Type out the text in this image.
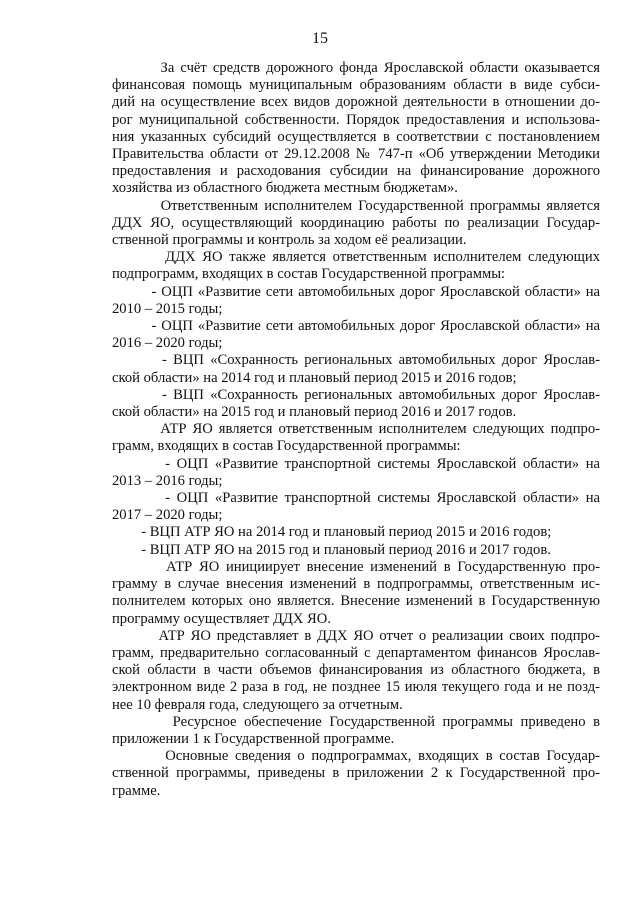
15
За счёт средств дорожного фонда Ярославской области оказывается
финансовая помощь муниципальным образованиям области в виде субси-
дий на осуществление всех видов дорожной деятельности в отношении до-
рог муниципальной собственности. Порядок предоставления и использова-
ния указанных субсидий осуществляется в соответствии с постановлением
Правительства области от 29.12.2008 № 747-п «Об утверждении Методики
предоставления и расходования субсидии на финансирование дорожного
хозяйства из областного бюджета местным бюджетам».
Ответственным исполнителем Государственной программы является
ДДХ ЯО, осуществляющий координацию работы по реализации Государ-
ственной программы и контроль за ходом её реализации.
ДДХ ЯО также является ответственным исполнителем следующих
подпрограмм, входящих в состав Государственной программы:
- ОЦП «Развитие сети автомобильных дорог Ярославской области» на
2010 – 2015 годы;
- ОЦП «Развитие сети автомобильных дорог Ярославской области» на
2016 – 2020 годы;
- ВЦП «Сохранность региональных автомобильных дорог Ярослав-
ской области» на 2014 год и плановый период 2015 и 2016 годов;
- ВЦП «Сохранность региональных автомобильных дорог Ярослав-
ской области» на 2015 год и плановый период 2016 и 2017 годов.
АТР ЯО является ответственным исполнителем следующих подпро-
грамм, входящих в состав Государственной программы:
- ОЦП «Развитие транспортной системы Ярославской области» на
2013 – 2016 годы;
- ОЦП «Развитие транспортной системы Ярославской области» на
2017 – 2020 годы;
- ВЦП АТР ЯО на 2014 год и плановый период 2015 и 2016 годов;
- ВЦП АТР ЯО на 2015 год и плановый период 2016 и 2017 годов.
АТР ЯО инициирует внесение изменений в Государственную про-
грамму в случае внесения изменений в подпрограммы, ответственным ис-
полнителем которых оно является. Внесение изменений в Государственную
программу осуществляет ДДХ ЯО.
АТР ЯО представляет в ДДХ ЯО отчет о реализации своих подпро-
грамм, предварительно согласованный с департаментом финансов Ярослав-
ской области в части объемов финансирования из областного бюджета, в
электронном виде 2 раза в год, не позднее 15 июля текущего года и не позд-
нее 10 февраля года, следующего за отчетным.
Ресурсное обеспечение Государственной программы приведено в
приложении 1 к Государственной программе.
Основные сведения о подпрограммах, входящих в состав Государ-
ственной программы, приведены в приложении 2 к Государственной про-
грамме.
